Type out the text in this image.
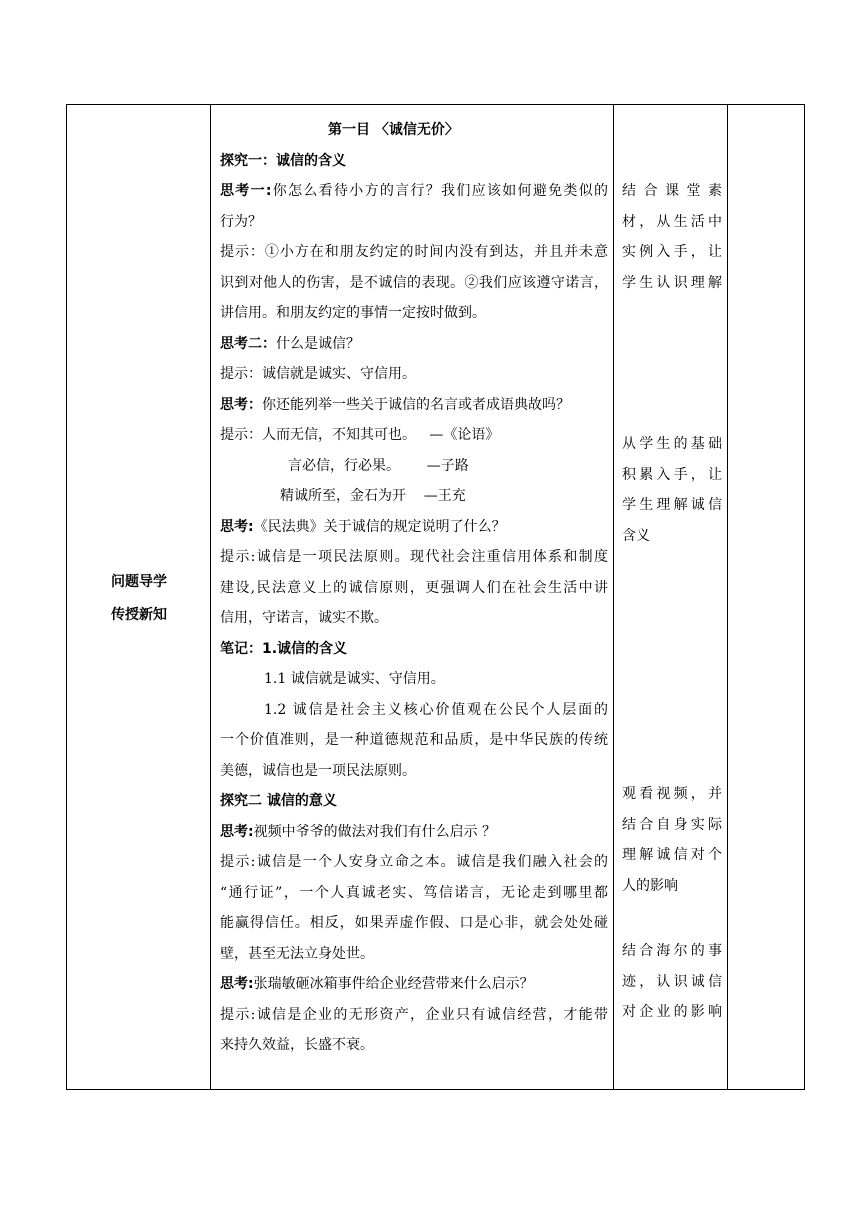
问题导学
传授新知
第一目 〈诚信无价〉
探究一：诚信的含义
思考一:你怎么看待小方的言行？我们应该如何避免类似的
行为？
提示：①小方在和朋友约定的时间内没有到达，并且并未意
识到对他人的伤害，是不诚信的表现。②我们应该遵守诺言，
讲信用。和朋友约定的事情一定按时做到。
思考二：什么是诚信？
提示：诚信就是诚实、守信用。
思考：你还能列举一些关于诚信的名言或者成语典故吗？
提示：人而无信，不知其可也。   —《论语》
言必信，行必果。      —子路
精诚所至，金石为开    —王充
思考:《民法典》关于诚信的规定说明了什么？
提示:诚信是一项民法原则。现代社会注重信用体系和制度
建设,民法意义上的诚信原则，更强调人们在社会生活中讲
信用，守诺言，诚实不欺。
笔记：1.诚信的含义
1.1 诚信就是诚实、守信用。
1.2 诚信是社会主义核心价值观在公民个人层面的
一个价值准则，是一种道德规范和品质，是中华民族的传统
美德，诚信也是一项民法原则。
探究二 诚信的意义
思考:视频中爷爷的做法对我们有什么启示 ？
提示:诚信是一个人安身立命之本。诚信是我们融入社会的
“通行证”，一个人真诚老实、笃信诺言，无论走到哪里都
能赢得信任。相反，如果弄虚作假、口是心非，就会处处碰
壁，甚至无法立身处世。
思考:张瑞敏砸冰箱事件给企业经营带来什么启示？
提示:诚信是企业的无形资产，企业只有诚信经营，才能带
来持久效益，长盛不衰。
结合课堂素
材，从生活中
实例入手，让
学生认识理解
从学生的基础
积累入手，让
学生理解诚信
含义
观看视频，并
结合自身实际
理解诚信对个
人的影响
结合海尔的事
迹，认识诚信
对企业的影响
